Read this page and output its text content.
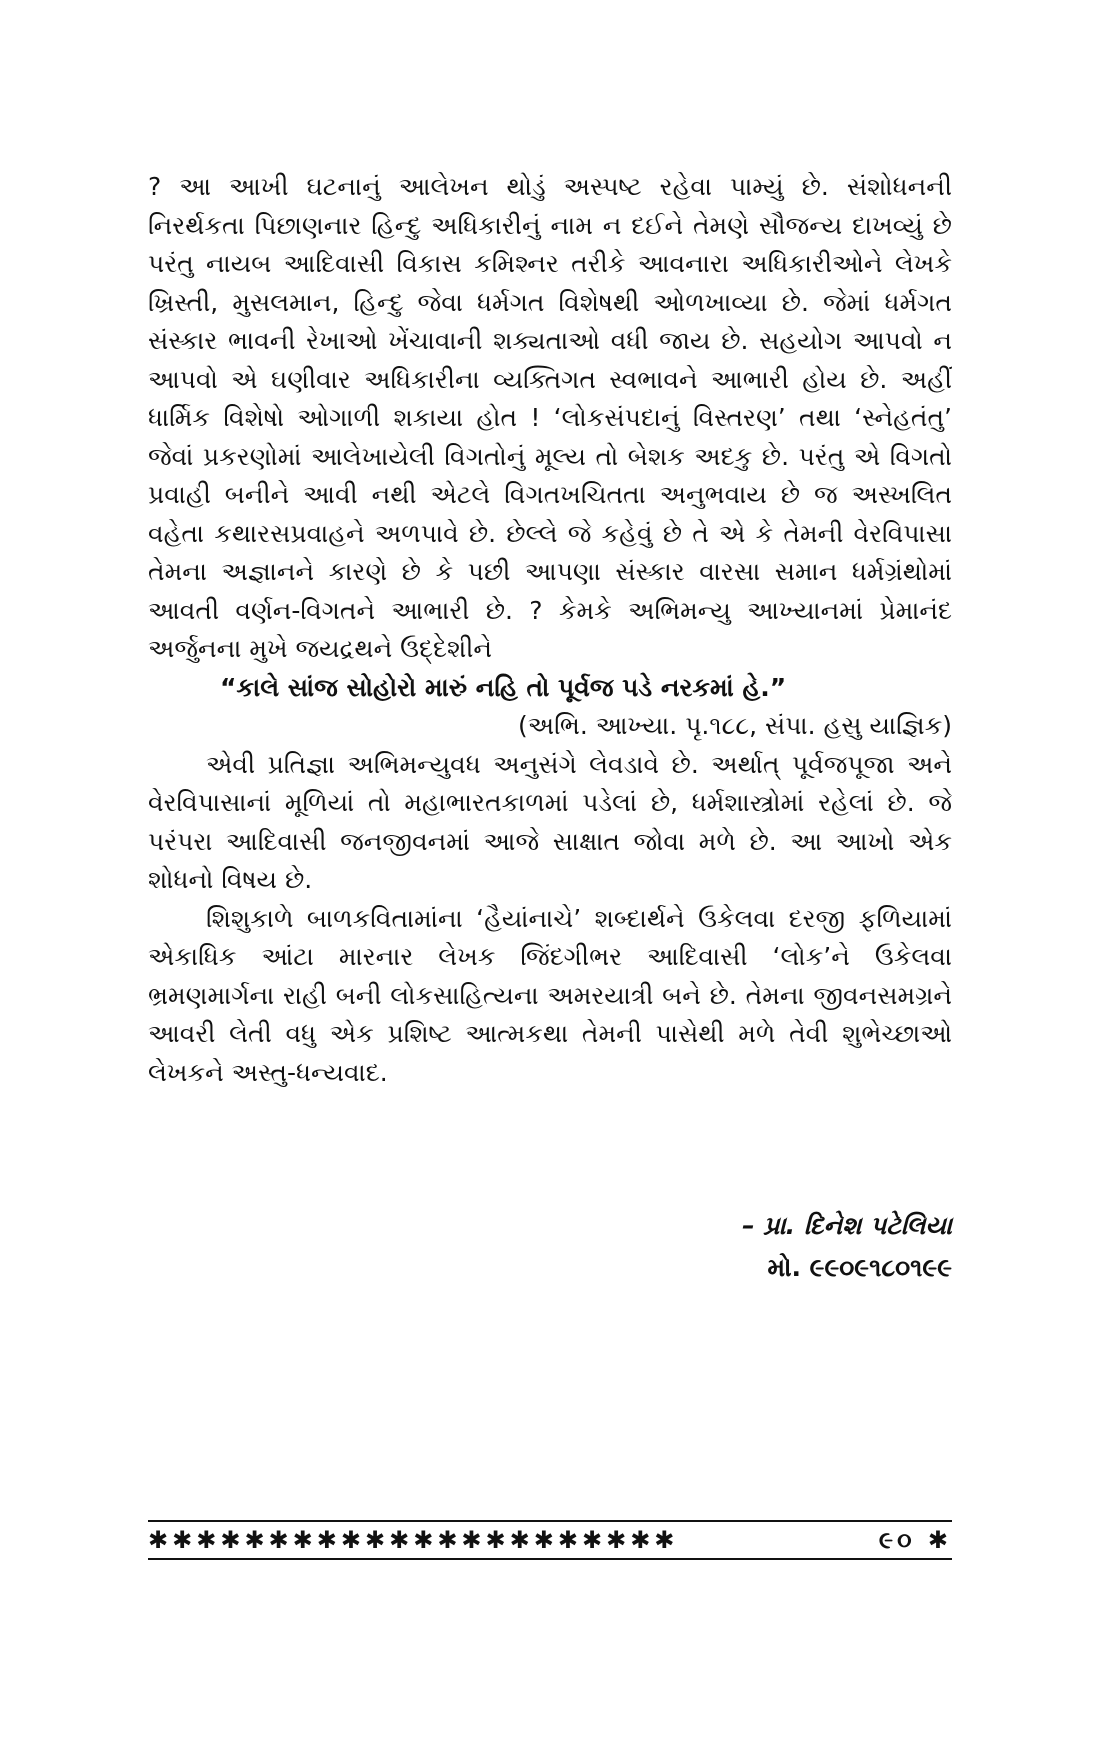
? આ આખી ઘટનાનું આલેખન થોડું અસ્પષ્ટ રહેવા પામ્યું છે. સંશોધનની નિરર્થકતા પિછાણનાર હિન્દુ અધિકારીનું નામ ન દઈને તેમણે સૌજન્ય દાખવ્યું છે પરંતુ નાયબ આદિવાસી વિકાસ કમિશ્નર તરીકે આવનારા અધિકારીઓને લેખકે ખ્રિસ્તી, મુસલમાન, હિન્દુ જેવા ધર્મગત વિશેષથી ઓળખાવ્યા છે. જેમાં ધર્મગત સંસ્કાર ભાવની રેખાઓ ખેંચાવાની શક્યતાઓ વધી જાય છે. સહયોગ આપવો ન આપવો એ ઘણીવાર અધિકારીના વ્યક્તિગત સ્વભાવને આભારી હોય છે. અહીં ધાર્મિક વિશેષો ઓગાળી શકાયા હોત ! ‘લોકસંપદાનું વિસ્તરણ’ તથા ‘સ્નેહતંતુ’ જેવાં પ્રકરણોમાં આલેખાયેલી વિગતોનું મૂલ્ય તો બેશક અદકુ છે. પરંતુ એ વિગતો પ્રવાહી બનીને આવી નથી એટલે વિગતખચિતતા અનુભવાય છે જ અસ્ખલિત વહેતા કથારસપ્રવાહને અળપાવે છે. છેલ્લે જે કહેવું છે તે એ કે તેમની વેરવિપાસા તેમના અજ્ઞાનને કારણે છે કે પછી આપણા સંસ્કાર વારસા સમાન ધર્મગ્રંથોમાં આવતી વર્ણન-વિગતને આભારી છે. ? કેમકે અભિમન્યુ આખ્યાનમાં પ્રેમાનંદ અર્જુનના મુખે જયદ્રથને ઉદ્દેશીને

“કાલે સાંજ સોહોરો મારું નહિ તો પૂર્વજ પડે નરકમાં હે.”

(અભિ. આખ્યા. પૃ.૧૮૮, સંપા. હસુ યાજ્ઞિક)

એવી પ્રતિજ્ઞા અભિમન્યુવધ અનુસંગે લેવડાવે છે. અર્થાત્ પૂર્વજપૂજા અને વેરવિપાસાનાં મૂળિયાં તો મહાભારતકાળમાં પડેલાં છે, ધર્મશાસ્ત્રોમાં રહેલાં છે. જે પરંપરા આદિવાસી જનજીવનમાં આજે સાક્ષાત જોવા મળે છે. આ આખો એક શોધનો વિષય છે.

શિશુકાળે બાળકવિતામાંના ‘હૈયાંનાચે’ શબ્દાર્થને ઉકેલવા દરજી ફળિયામાં એકાધિક આંટા મારનાર લેખક જિંદગીભર આદિવાસી ‘લોક’ને ઉકેલવા ભ્રમણમાર્ગના રાહી બની લોકસાહિત્યના અમરયાત્રી બને છે. તેમના જીવનસમગ્રને આવરી લેતી વધુ એક પ્રશિષ્ટ આત્મકથા તેમની પાસેથી મળે તેવી શુભેચ્છાઓ લેખકને અસ્તુ-ધન્યવાદ.

– પ્રા. દિનેશ પટેલિયા
મો. ૯૯૦૯૧૮૦૧૯૯
✱✱✱✱✱✱✱✱✱✱✱✱✱✱✱✱✱✱✱✱✱✱	૯૦ ✱
